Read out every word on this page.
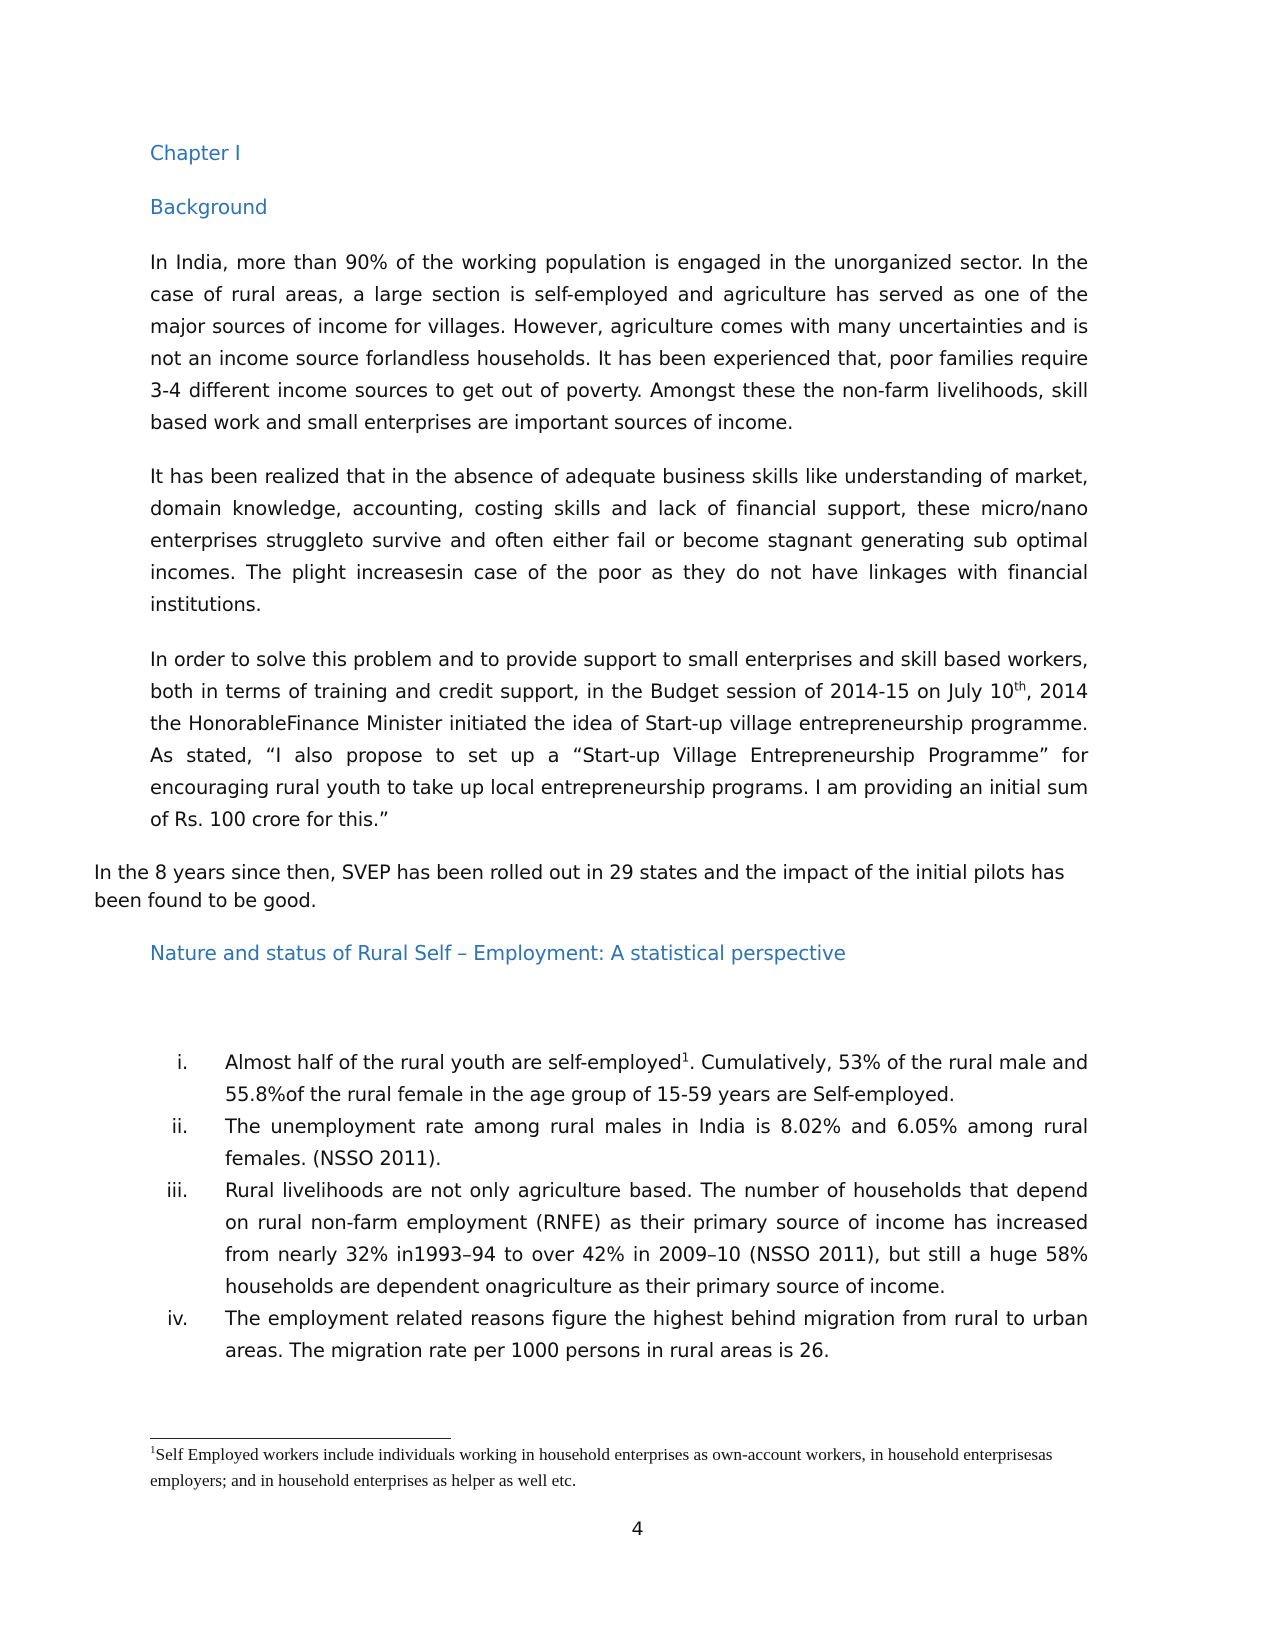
Chapter I
Background

In India, more than 90% of the working population is engaged in the unorganized sector. In the case of rural areas, a large section is self-employed and agriculture has served as one of the major sources of income for villages. However, agriculture comes with many uncertainties and is not an income source forlandless households. It has been experienced that, poor families require 3-4 different income sources to get out of poverty. Amongst these the non-farm livelihoods, skill based work and small enterprises are important sources of income.

It has been realized that in the absence of adequate business skills like understanding of market, domain knowledge, accounting, costing skills and lack of financial support, these micro/nano enterprises struggleto survive and often either fail or become stagnant generating sub optimal incomes. The plight increasesin case of the poor as they do not have linkages with financial institutions.

In order to solve this problem and to provide support to small enterprises and skill based workers, both in terms of training and credit support, in the Budget session of 2014-15 on July 10th, 2014 the HonorableFinance Minister initiated the idea of Start-up village entrepreneurship programme. As stated, “I also propose to set up a “Start-up Village Entrepreneurship Programme” for encouraging rural youth to take up local entrepreneurship programs. I am providing an initial sum of Rs. 100 crore for this.”

In the 8 years since then, SVEP has been rolled out in 29 states and the impact of the initial pilots has been found to be good.

Nature and status of Rural Self – Employment: A statistical perspective
i. Almost half of the rural youth are self-employed$^1$. Cumulatively, 53% of the rural male and 55.8%of the rural female in the age group of 15-59 years are Self-employed.
ii. The unemployment rate among rural males in India is 8.02% and 6.05% among rural females. (NSSO 2011).
iii. Rural livelihoods are not only agriculture based. The number of households that depend on rural non-farm employment (RNFE) as their primary source of income has increased from nearly 32% in1993–94 to over 42% in 2009–10 (NSSO 2011), but still a huge 58% households are dependent onagriculture as their primary source of income.
iv. The employment related reasons figure the highest behind migration from rural to urban areas. The migration rate per 1000 persons in rural areas is 26.

$^1$Self Employed workers include individuals working in household enterprises as own-account workers, in household enterprisesas employers; and in household enterprises as helper as well etc.

4
